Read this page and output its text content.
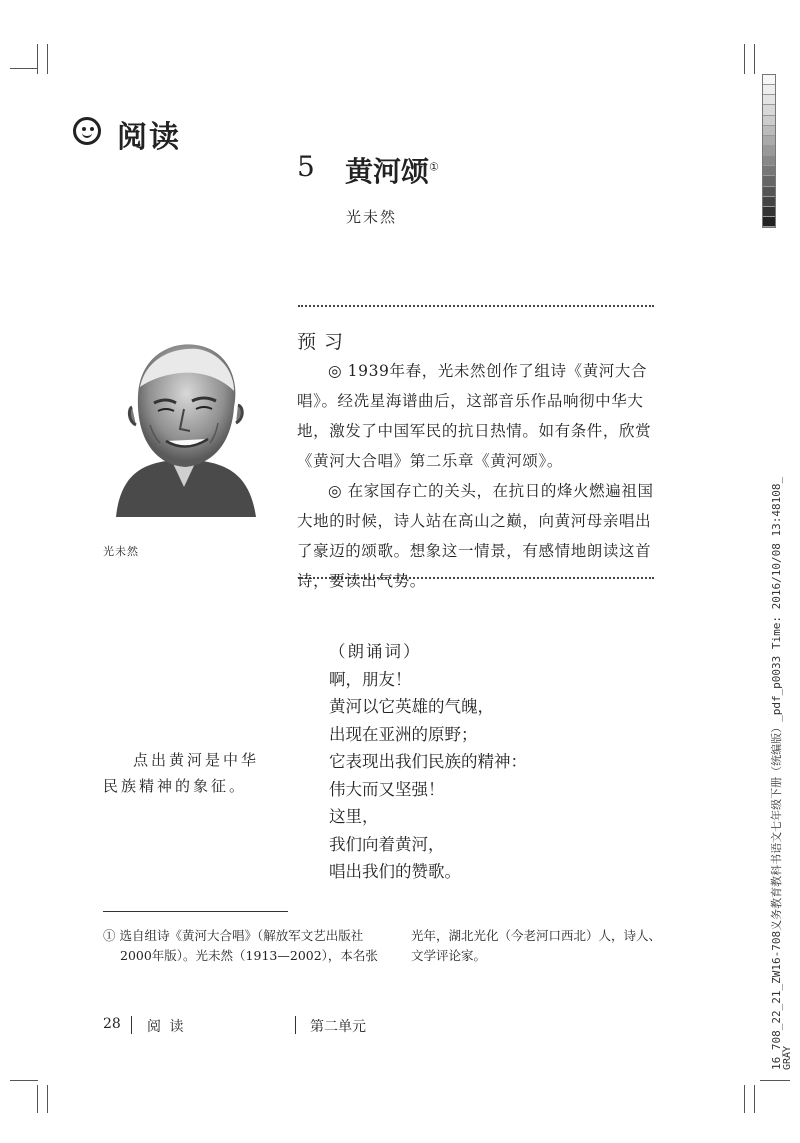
阅读
5 黄河颂①
光未然
光未然
预习

◎ 1939年春，光未然创作了组诗《黄河大合唱》。经冼星海谱曲后，这部音乐作品响彻中华大地，激发了中国军民的抗日热情。如有条件，欣赏《黄河大合唱》第二乐章《黄河颂》。

◎ 在家国存亡的关头，在抗日的烽火燃遍祖国大地的时候，诗人站在高山之巅，向黄河母亲唱出了豪迈的颂歌。想象这一情景，有感情地朗读这首诗，要读出气势。

点出黄河是中华
民族精神的象征。
（朗诵词）
啊，朋友！
黄河以它英雄的气魄，
出现在亚洲的原野；
它表现出我们民族的精神：
伟大而又坚强！
这里，
我们向着黄河，
唱出我们的赞歌。
① 选自组诗《黄河大合唱》（解放军文艺出版社
2000年版）。光未然（1913—2002），本名张
光年，湖北光化（今老河口西北）人，诗人、
文学评论家。
28 阅 读	第二单元	16_708_22_21_ZW16-708义务教育教科书语文七年级下册（统编版）_pdf_p0033 Time: 2016/10/08 13:48108_ GRAY
